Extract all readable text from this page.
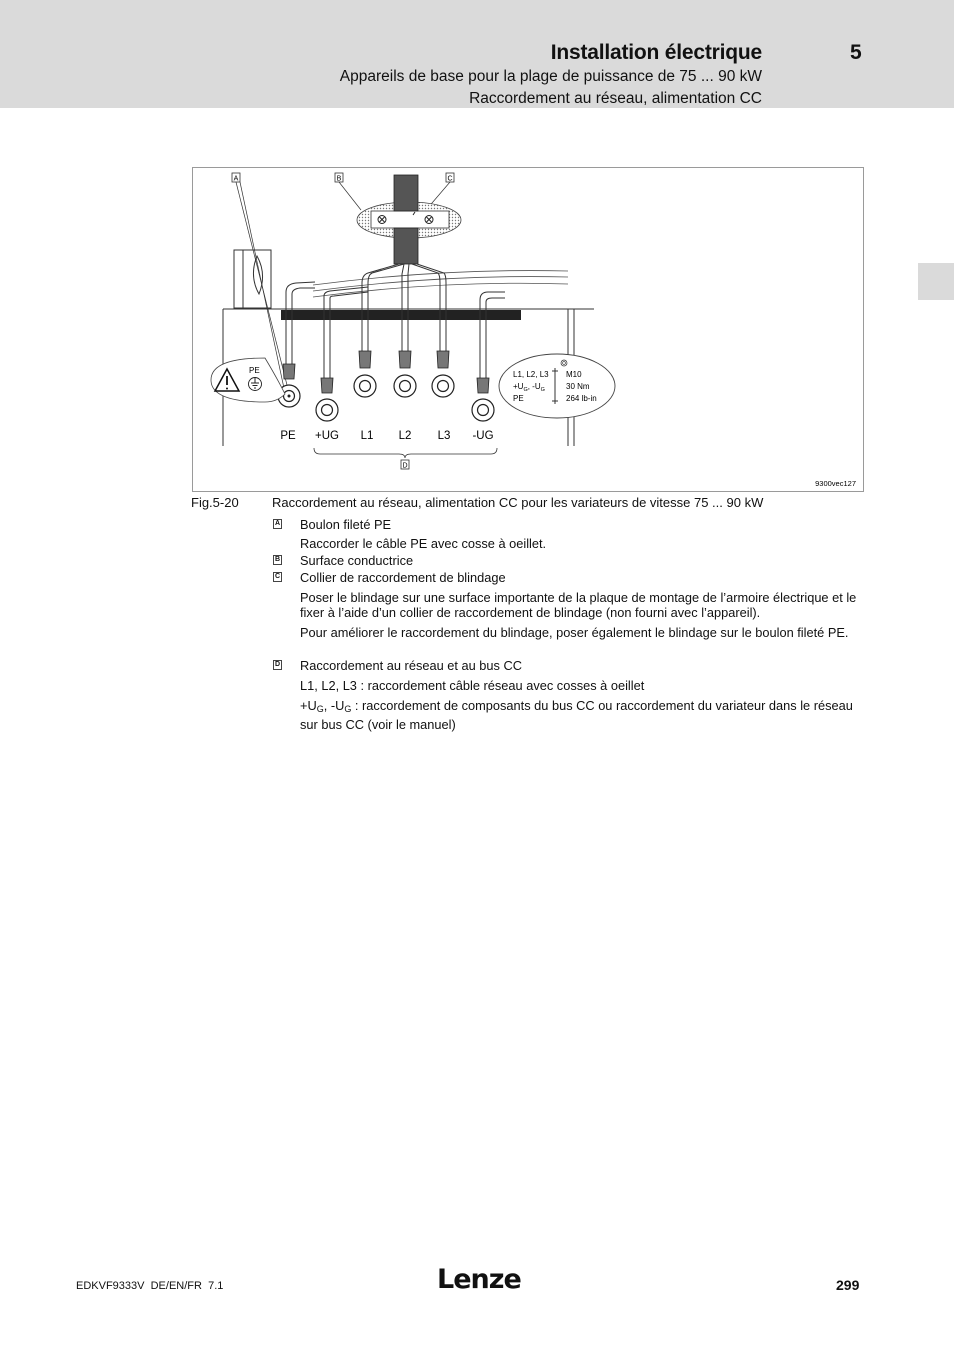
Installation électrique	5
Appareils de base pour la plage de puissance de 75 ... 90 kW
Raccordement au réseau, alimentation CC
A	B	C
PE	L1, L2, L3
$+U_G$, $-U_G$
PE
M10
30 Nm
264 lb-in
PE +UG L1 L2 L3 -UG
D
9300vec127
Fig.5-20	Raccordement au réseau, alimentation CC pour les variateurs de vitesse 75 ... 90 kW
A Boulon fileté PE
Raccorder le câble PE avec cosse à oeillet.
B Surface conductrice
C Collier de raccordement de blindage
Poser le blindage sur une surface importante de la plaque de montage de l’armoire électrique et le fixer à l’aide d’un collier de raccordement de blindage (non fourni avec l’appareil).
Pour améliorer le raccordement du blindage, poser également le blindage sur le boulon fileté PE.
D Raccordement au réseau et au bus CC
L1, L2, L3 : raccordement câble réseau avec cosses à oeillet
$+U_G$, $-U_G$ : raccordement de composants du bus CC ou raccordement du variateur dans le réseau sur bus CC (voir le manuel)
EDKVF9333V DE/EN/FR 7.1	Lenze	299
